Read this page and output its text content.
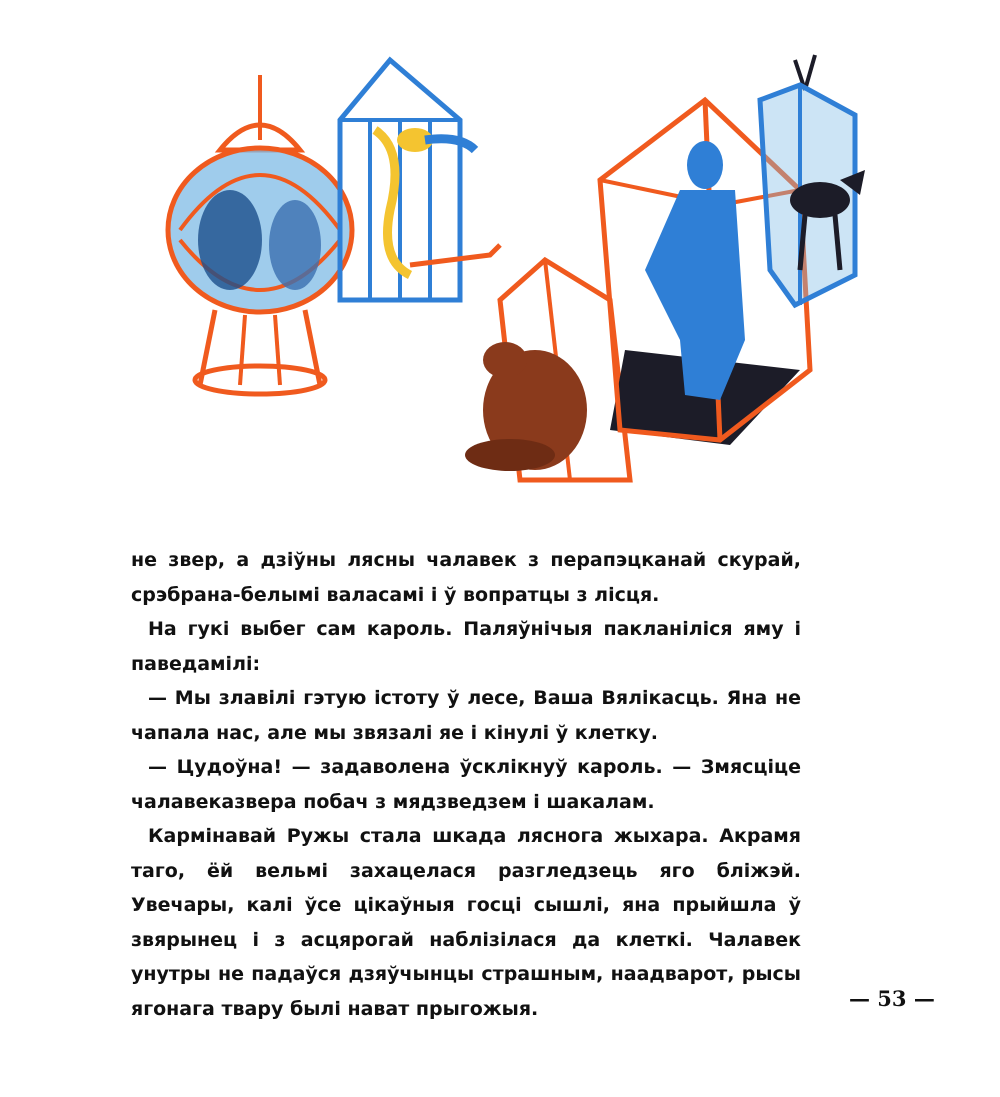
не звер, а дзіўны лясны чалавек з перапэцканай скурай, срэбрана-белымі валасамі і ў вопратцы з лісця.

На гукі выбег сам кароль. Паляўнічыя пакланіліся яму і паведамілі:

— Мы злавілі гэтую істоту ў лесе, Ваша Вялікасць. Яна не чапала нас, але мы звязалі яе і кінулі ў клетку.

— Цудоўна! — задаволена ўсклікнуў кароль. — Змясціце чалавеказвера побач з мядзведзем і шакалам.

Кармінавай Ружы стала шкада ляснога жыхара. Акрамя таго, ёй вельмі захацелася разгледзець яго бліжэй. Увечары, калі ўсе цікаўныя госці сышлі, яна прыйшла ў звярынец і з асцярогай наблізілася да клеткі. Чалавек унутры не падаўся дзяўчынцы страшным, наадварот, рысы ягонага твару былі нават прыгожыя.	— 53 —
